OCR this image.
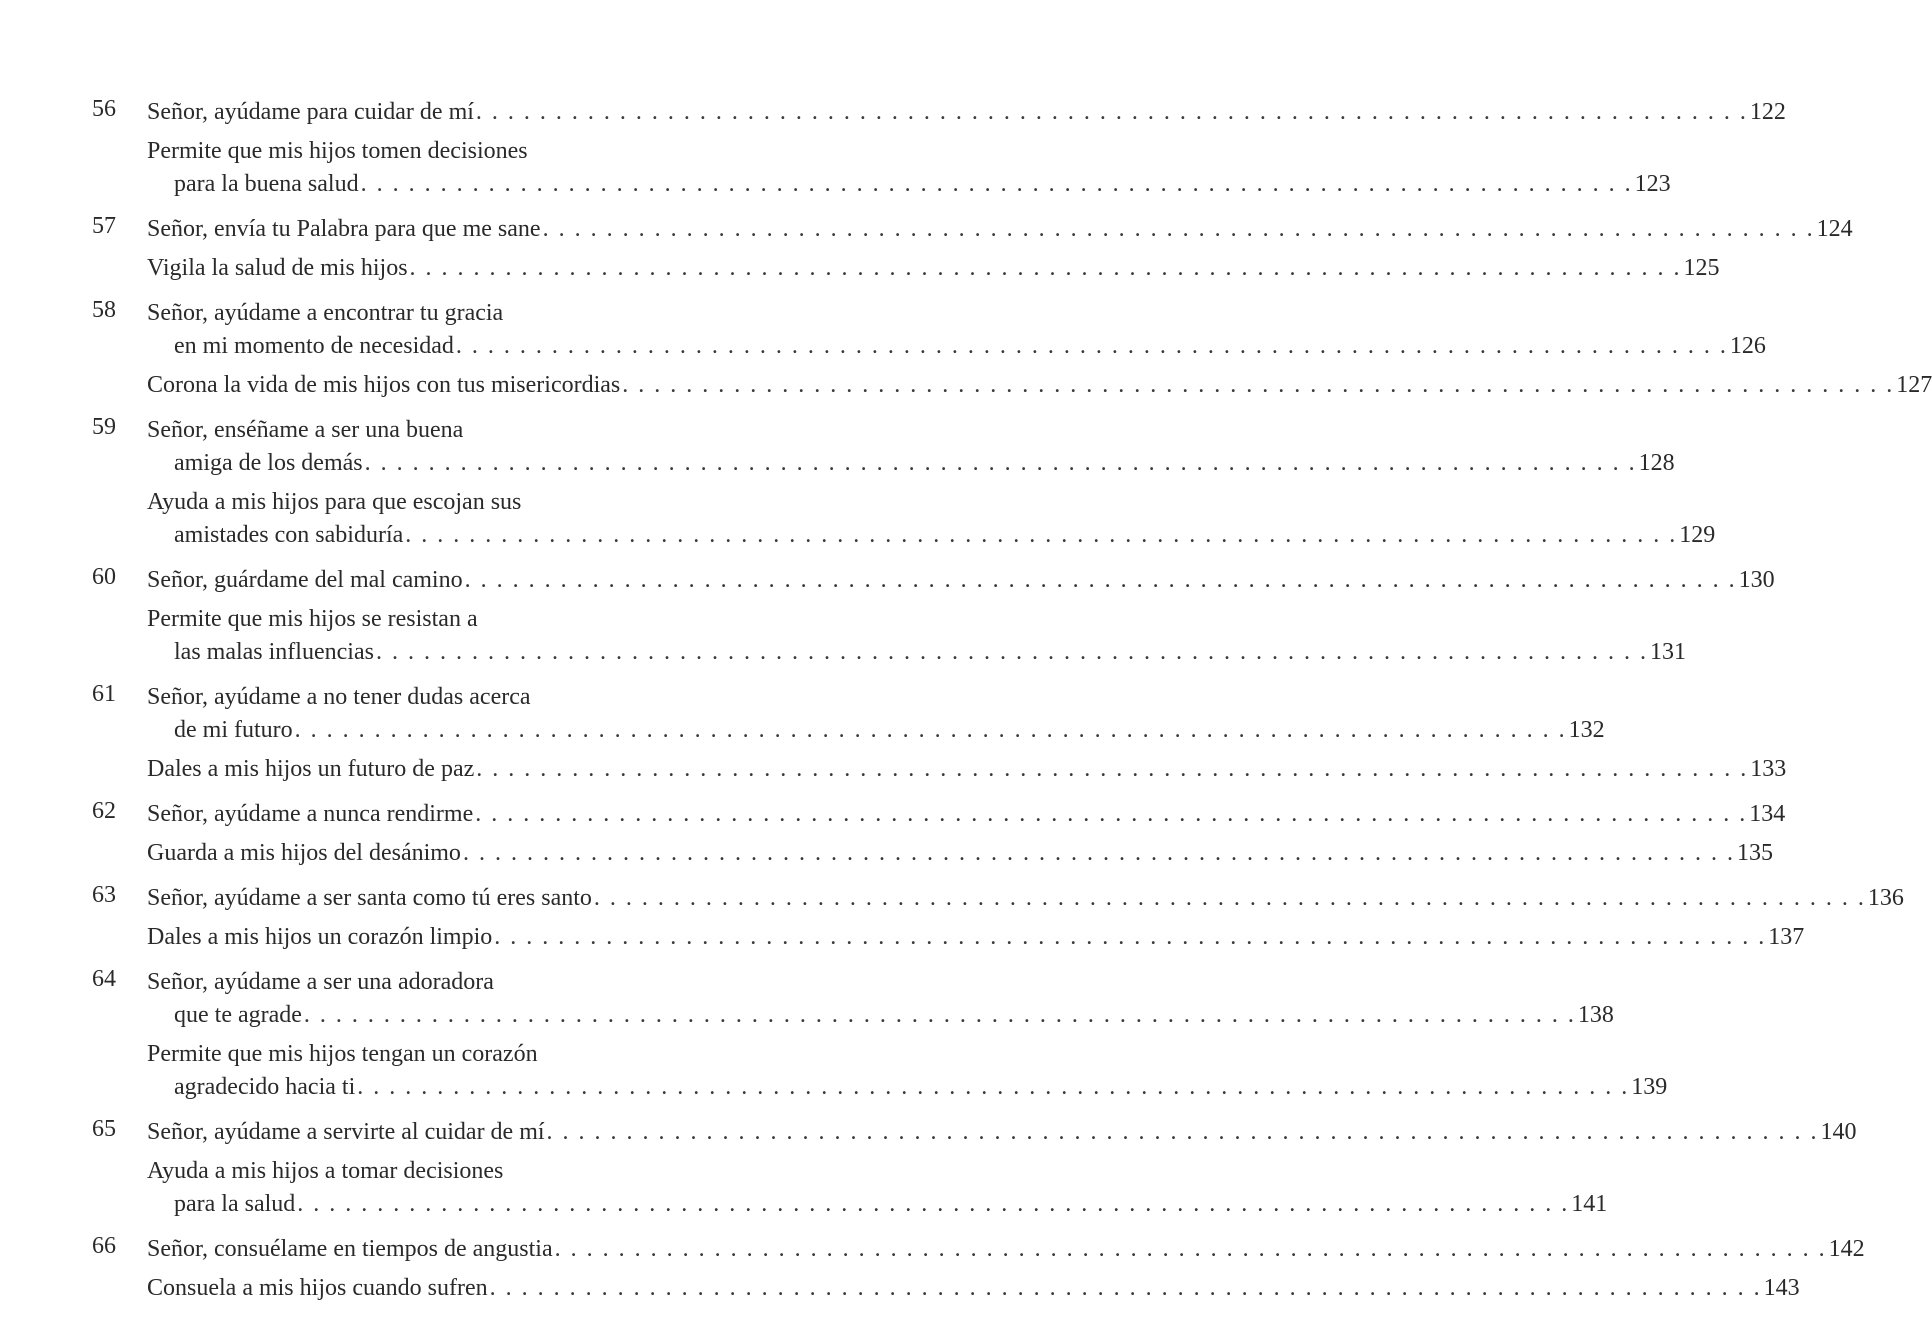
56	Señor, ayúdame para cuidar de mí . . . . . . . . . . . . . . . . . . . . . . . . . . . . . . . . . . . . . . . . . . . . . . . . . . . . . . . . . . . . . . . . . . . . . . . . . . . . . . . . 122
Permite que mis hijos tomen decisiones
para la buena salud . . . . . . . . . . . . . . . . . . . . . . . . . . . . . . . . . . . . . . . . . . . . . . . . . . . . . . . . . . . . . . . . . . . . . . . . . . . . . . . . 123
57	Señor, envía tu Palabra para que me sane . . . . . . . . . . . . . . . . . . . . . . . . . . . . . . . . . . . . . . . . . . . . . . . . . . . . . . . . . . . . . . . . . . . . . . . . . . . . . . . . 124
Vigila la salud de mis hijos . . . . . . . . . . . . . . . . . . . . . . . . . . . . . . . . . . . . . . . . . . . . . . . . . . . . . . . . . . . . . . . . . . . . . . . . . . . . . . . . 125
58	Señor, ayúdame a encontrar tu gracia
en mi momento de necesidad . . . . . . . . . . . . . . . . . . . . . . . . . . . . . . . . . . . . . . . . . . . . . . . . . . . . . . . . . . . . . . . . . . . . . . . . . . . . . . . . 126
Corona la vida de mis hijos con tus misericordias . . . . . . . . . . . . . . . . . . . . . . . . . . . . . . . . . . . . . . . . . . . . . . . . . . . . . . . . . . . . . . . . . . . . . . . . . . . . . . . . 127
59	Señor, enséñame a ser una buena
amiga de los demás . . . . . . . . . . . . . . . . . . . . . . . . . . . . . . . . . . . . . . . . . . . . . . . . . . . . . . . . . . . . . . . . . . . . . . . . . . . . . . . . 128
Ayuda a mis hijos para que escojan sus
amistades con sabiduría . . . . . . . . . . . . . . . . . . . . . . . . . . . . . . . . . . . . . . . . . . . . . . . . . . . . . . . . . . . . . . . . . . . . . . . . . . . . . . . . 129
60	Señor, guárdame del mal camino . . . . . . . . . . . . . . . . . . . . . . . . . . . . . . . . . . . . . . . . . . . . . . . . . . . . . . . . . . . . . . . . . . . . . . . . . . . . . . . . 130
Permite que mis hijos se resistan a
las malas influencias . . . . . . . . . . . . . . . . . . . . . . . . . . . . . . . . . . . . . . . . . . . . . . . . . . . . . . . . . . . . . . . . . . . . . . . . . . . . . . . . 131
61	Señor, ayúdame a no tener dudas acerca
de mi futuro . . . . . . . . . . . . . . . . . . . . . . . . . . . . . . . . . . . . . . . . . . . . . . . . . . . . . . . . . . . . . . . . . . . . . . . . . . . . . . . . 132
Dales a mis hijos un futuro de paz . . . . . . . . . . . . . . . . . . . . . . . . . . . . . . . . . . . . . . . . . . . . . . . . . . . . . . . . . . . . . . . . . . . . . . . . . . . . . . . . 133
62	Señor, ayúdame a nunca rendirme . . . . . . . . . . . . . . . . . . . . . . . . . . . . . . . . . . . . . . . . . . . . . . . . . . . . . . . . . . . . . . . . . . . . . . . . . . . . . . . . 134
Guarda a mis hijos del desánimo . . . . . . . . . . . . . . . . . . . . . . . . . . . . . . . . . . . . . . . . . . . . . . . . . . . . . . . . . . . . . . . . . . . . . . . . . . . . . . . . 135
63	Señor, ayúdame a ser santa como tú eres santo . . . . . . . . . . . . . . . . . . . . . . . . . . . . . . . . . . . . . . . . . . . . . . . . . . . . . . . . . . . . . . . . . . . . . . . . . . . . . . . . 136
Dales a mis hijos un corazón limpio . . . . . . . . . . . . . . . . . . . . . . . . . . . . . . . . . . . . . . . . . . . . . . . . . . . . . . . . . . . . . . . . . . . . . . . . . . . . . . . . 137
64	Señor, ayúdame a ser una adoradora
que te agrade . . . . . . . . . . . . . . . . . . . . . . . . . . . . . . . . . . . . . . . . . . . . . . . . . . . . . . . . . . . . . . . . . . . . . . . . . . . . . . . . 138
Permite que mis hijos tengan un corazón
agradecido hacia ti . . . . . . . . . . . . . . . . . . . . . . . . . . . . . . . . . . . . . . . . . . . . . . . . . . . . . . . . . . . . . . . . . . . . . . . . . . . . . . . . 139
65	Señor, ayúdame a servirte al cuidar de mí . . . . . . . . . . . . . . . . . . . . . . . . . . . . . . . . . . . . . . . . . . . . . . . . . . . . . . . . . . . . . . . . . . . . . . . . . . . . . . . . 140
Ayuda a mis hijos a tomar decisiones
para la salud . . . . . . . . . . . . . . . . . . . . . . . . . . . . . . . . . . . . . . . . . . . . . . . . . . . . . . . . . . . . . . . . . . . . . . . . . . . . . . . . 141
66	Señor, consuélame en tiempos de angustia . . . . . . . . . . . . . . . . . . . . . . . . . . . . . . . . . . . . . . . . . . . . . . . . . . . . . . . . . . . . . . . . . . . . . . . . . . . . . . . . 142
Consuela a mis hijos cuando sufren . . . . . . . . . . . . . . . . . . . . . . . . . . . . . . . . . . . . . . . . . . . . . . . . . . . . . . . . . . . . . . . . . . . . . . . . . . . . . . . . 143
